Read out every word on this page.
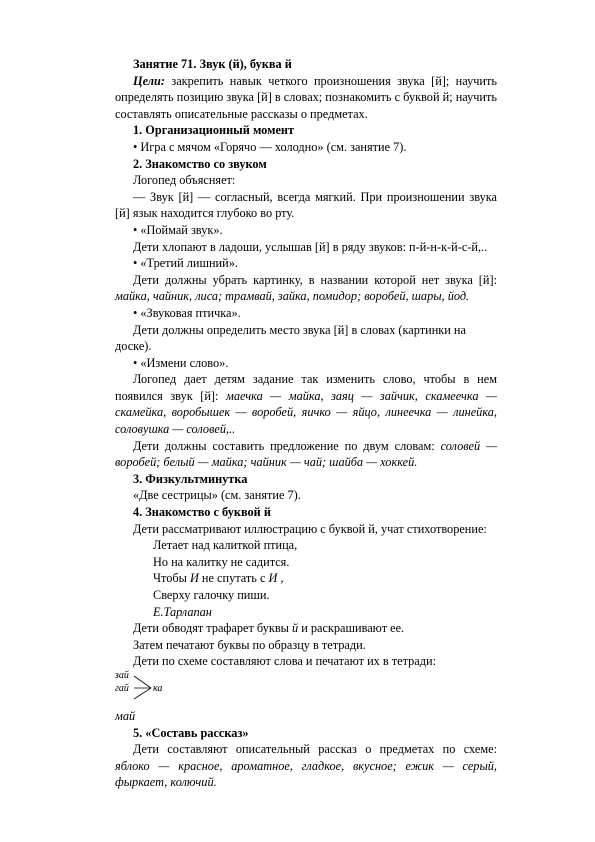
Занятие 71. Звук (й), буква й

Цели: закрепить навык четкого произношения звука [й]; научить определять позицию звука [й] в словах; познакомить с буквой й; научить составлять описательные рассказы о предметах.

1. Организационный момент

• Игра с мячом «Горячо — холодно» (см. занятие 7).

2. Знакомство со звуком

Логопед объясняет:

— Звук [й] — согласный, всегда мягкий. При произношении звука [й] язык находится глубоко во рту.

• «Поймай звук».

Дети хлопают в ладоши, услышав [й] в ряду звуков: п-й-н-к-й-с-й,..

• «Третий лишний».

Дети должны убрать картинку, в названии которой нет звука [й]: майка, чайник, лиса; трамвай, зайка, помидор; воробей, шары, йод.

• «Звуковая птичка».

Дети должны определить место звука [й] в словах (картинки на доске).

• «Измени слово».

Логопед дает детям задание так изменить слово, чтобы в нем появился звук [й]: маечка — майка, заяц — зайчик, скамеечка — скамейка, воробышек — воробей, яичко — яйцо, линеечка — линейка, соловушка — соловей,..

Дети должны составить предложение по двум словам: соловей — воробей; белый — майка; чайник — чай; шайба — хоккей.

3. Физкультминутка

«Две сестрицы» (см. занятие 7).

4. Знакомство с буквой й

Дети рассматривают иллюстрацию с буквой й, учат стихотворение:

Летает над калиткой птица,

Но на калитку не садится.

Чтобы И не спутать с И ,

Сверху галочку пиши.

Е.Тарлапан

Дети обводят трафарет буквы й и раскрашивают ее.

Затем печатают буквы по образцу в тетради.

Дети по схеме составляют слова и печатают их в тетради:

зай
гай ка

май

5. «Составь рассказ»

Дети составляют описательный рассказ о предметах по схеме: яблоко — красное, ароматное, гладкое, вкусное; ежик — серый, фыркает, колючий.
